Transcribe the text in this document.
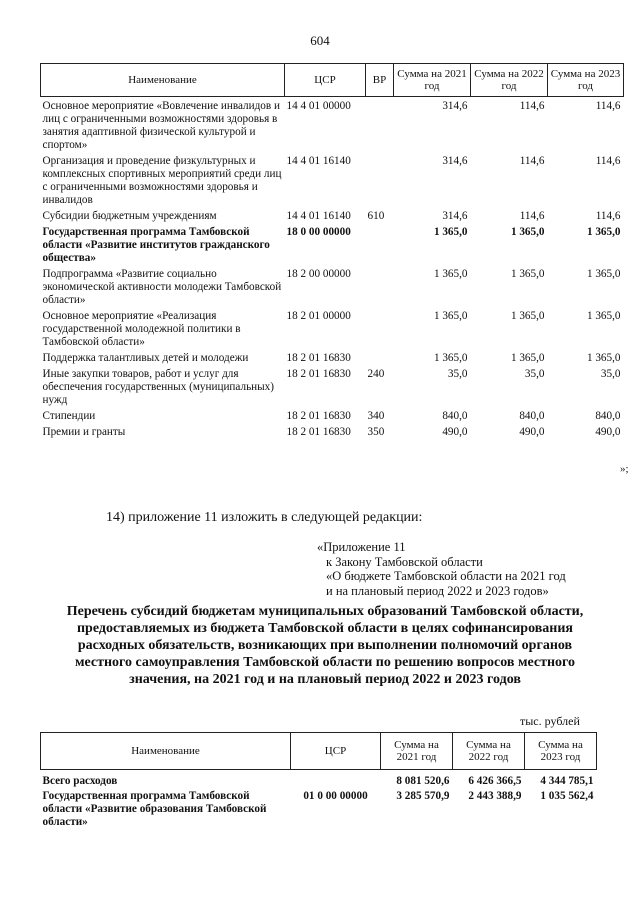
604
Наименование	ЦСР	ВР	Сумма на 2021 год	Сумма на 2022 год	Сумма на 2023 год
Основное мероприятие «Вовлечение инвалидов и лиц с ограниченными возможностями здоровья в занятия адаптивной физической культурой и спортом»	14 4 01 00000		314,6	114,6	114,6
Организация и проведение физкультурных и комплексных спортивных мероприятий среди лиц с ограниченными возможностями здоровья и инвалидов	14 4 01 16140		314,6	114,6	114,6
Субсидии бюджетным учреждениям	14 4 01 16140	610	314,6	114,6	114,6
Государственная программа Тамбовской области «Развитие институтов гражданского общества»	18 0 00 00000		1 365,0	1 365,0	1 365,0
Подпрограмма «Развитие социально экономической активности молодежи Тамбовской области»	18 2 00 00000		1 365,0	1 365,0	1 365,0
Основное мероприятие «Реализация государственной молодежной политики в Тамбовской области»	18 2 01 00000		1 365,0	1 365,0	1 365,0
Поддержка талантливых детей и молодежи	18 2 01 16830		1 365,0	1 365,0	1 365,0
Иные закупки товаров, работ и услуг для обеспечения государственных (муниципальных) нужд	18 2 01 16830	240	35,0	35,0	35,0
Стипендии	18 2 01 16830	340	840,0	840,0	840,0
Премии и гранты	18 2 01 16830	350	490,0	490,0	490,0
»;
14) приложение 11 изложить в следующей редакции:
«Приложение 11
к Закону Тамбовской области
«О бюджете Тамбовской области на 2021 год
и на плановый период 2022 и 2023 годов»
Перечень субсидий бюджетам муниципальных образований Тамбовской области, предоставляемых из бюджета Тамбовской области в целях софинансирования расходных обязательств, возникающих при выполнении полномочий органов местного самоуправления Тамбовской области по решению вопросов местного значения, на 2021 год и на плановый период 2022 и 2023 годов
тыс. рублей
Наименование	ЦСР	Сумма на 2021 год	Сумма на 2022 год	Сумма на 2023 год
Всего расходов		8 081 520,6	6 426 366,5	4 344 785,1
Государственная программа Тамбовской области «Развитие образования Тамбовской области»	01 0 00 00000	3 285 570,9	2 443 388,9	1 035 562,4
